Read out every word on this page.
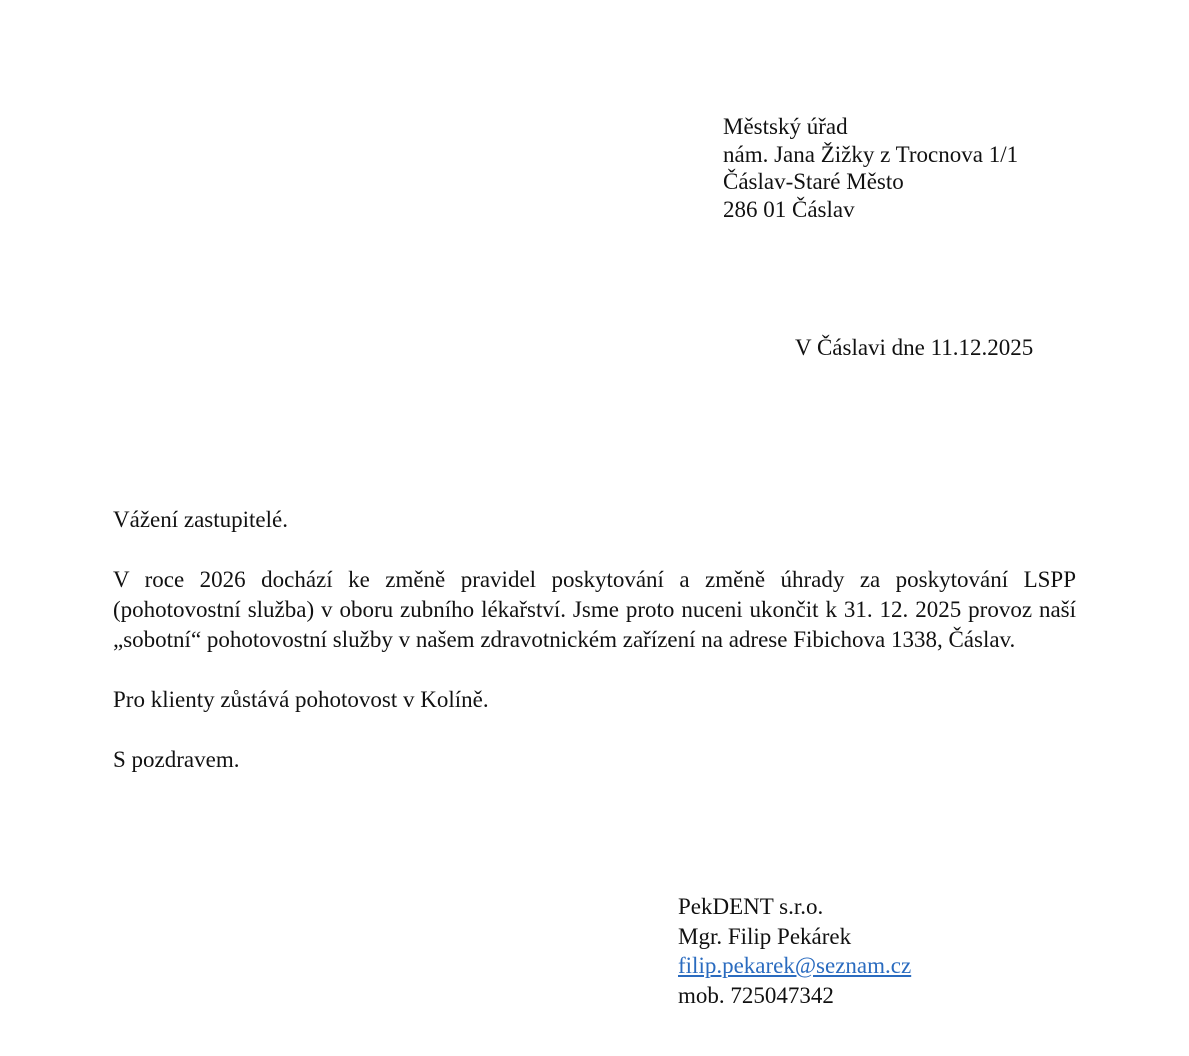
Městský úřad
nám. Jana Žižky z Trocnova 1/1
Čáslav-Staré Město
286 01 Čáslav
V Čáslavi dne 11.12.2025

Vážení zastupitelé.

V roce 2026 dochází ke změně pravidel poskytování a změně úhrady za poskytování LSPP (pohotovostní služba) v oboru zubního lékařství. Jsme proto nuceni ukončit k 31. 12. 2025 provoz naší „sobotní“ pohotovostní služby v našem zdravotnickém zařízení na adrese Fibichova 1338, Čáslav.

Pro klienty zůstává pohotovost v Kolíně.

S pozdravem.

PekDENT s.r.o.
Mgr. Filip Pekárek
filip.pekarek@seznam.cz
mob. 725047342
